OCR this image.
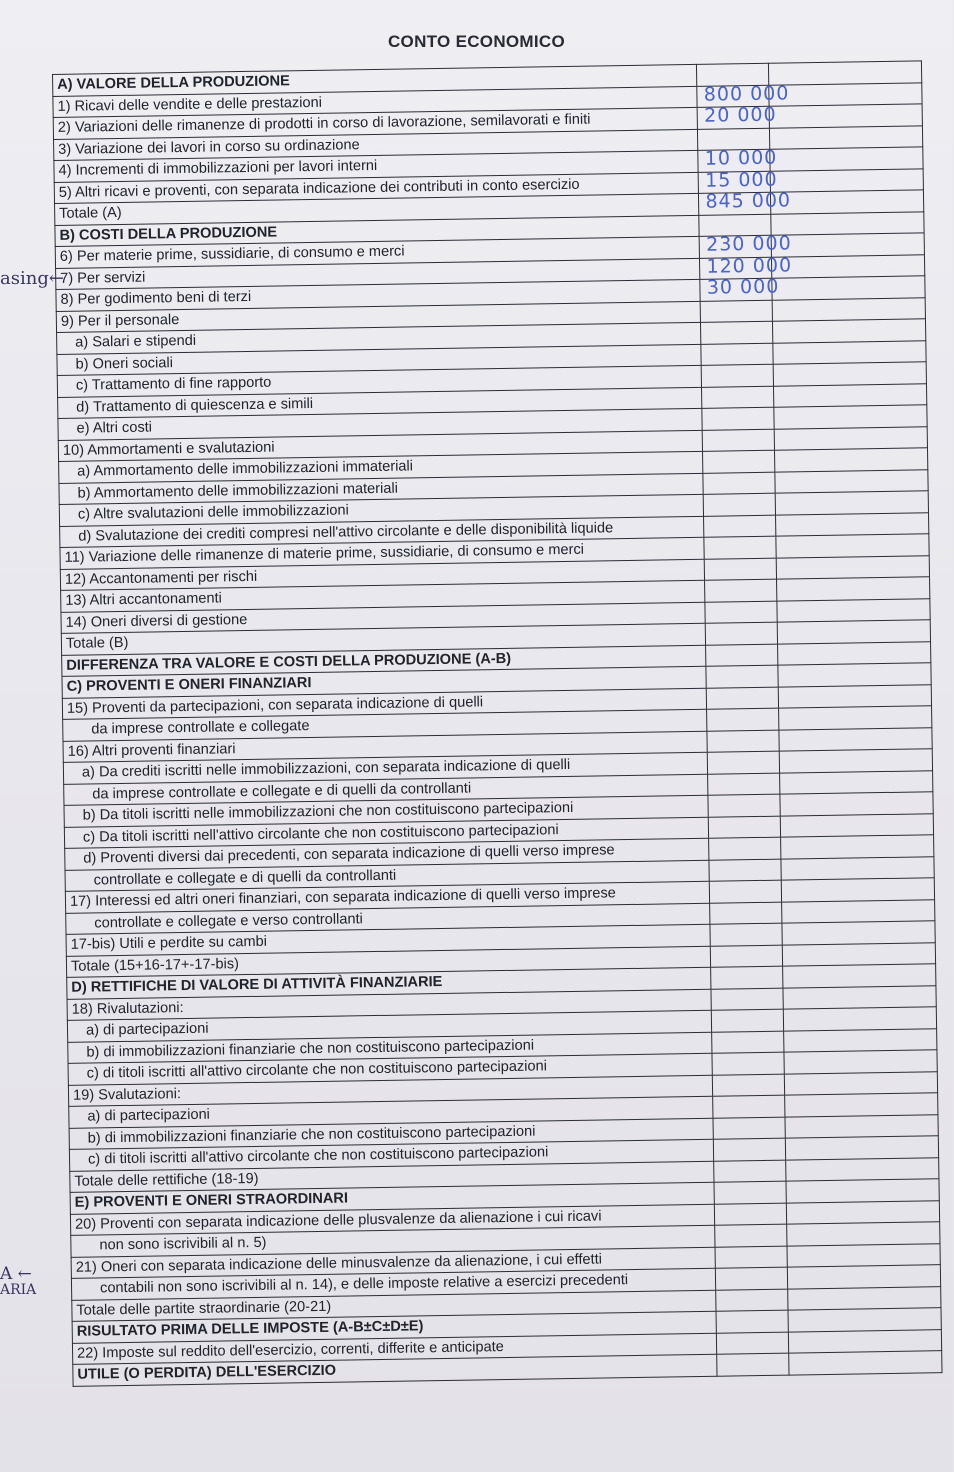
CONTO ECONOMICO
asing←
A ←
ARIA
A) VALORE DELLA PRODUZIONE	

1) Ricavi delle vendite e delle prestazioni	800 000	

2) Variazioni delle rimanenze di prodotti in corso di lavorazione, semilavorati e finiti	20 000	

3) Variazione dei lavori in corso su ordinazione	

4) Incrementi di immobilizzazioni per lavori interni	10 000	

5) Altri ricavi e proventi, con separata indicazione dei contributi in conto esercizio	15 000	

Totale (A)	845 000	

B) COSTI DELLA PRODUZIONE	

6) Per materie prime, sussidiarie, di consumo e merci	230 000	

7) Per servizi	120 000	

8) Per godimento beni di terzi	30 000	

9) Per il personale	

a) Salari e stipendi	

b) Oneri sociali	

c) Trattamento di fine rapporto	

d) Trattamento di quiescenza e simili	

e) Altri costi	

10) Ammortamenti e svalutazioni	

a) Ammortamento delle immobilizzazioni immateriali	

b) Ammortamento delle immobilizzazioni materiali	

c) Altre svalutazioni delle immobilizzazioni	

d) Svalutazione dei crediti compresi nell'attivo circolante e delle disponibilità liquide	

11) Variazione delle rimanenze di materie prime, sussidiarie, di consumo e merci	

12) Accantonamenti per rischi	

13) Altri accantonamenti	

14) Oneri diversi di gestione	

Totale (B)	

DIFFERENZA TRA VALORE E COSTI DELLA PRODUZIONE (A-B)	

C) PROVENTI E ONERI FINANZIARI	

15) Proventi da partecipazioni, con separata indicazione di quelli	

da imprese controllate e collegate	

16) Altri proventi finanziari	

a) Da crediti iscritti nelle immobilizzazioni, con separata indicazione di quelli	

da imprese controllate e collegate e di quelli da controllanti	

b) Da titoli iscritti nelle immobilizzazioni che non costituiscono partecipazioni	

c) Da titoli iscritti nell'attivo circolante che non costituiscono partecipazioni	

d) Proventi diversi dai precedenti, con separata indicazione di quelli verso imprese	

controllate e collegate e di quelli da controllanti	

17) Interessi ed altri oneri finanziari, con separata indicazione di quelli verso imprese	

controllate e collegate e verso controllanti	

17-bis) Utili e perdite su cambi	

Totale (15+16-17+-17-bis)	

D) RETTIFICHE DI VALORE DI ATTIVITÀ FINANZIARIE	

18) Rivalutazioni:	

a) di partecipazioni	

b) di immobilizzazioni finanziarie che non costituiscono partecipazioni	

c) di titoli iscritti all'attivo circolante che non costituiscono partecipazioni	

19) Svalutazioni:	

a) di partecipazioni	

b) di immobilizzazioni finanziarie che non costituiscono partecipazioni	

c) di titoli iscritti all'attivo circolante che non costituiscono partecipazioni	

Totale delle rettifiche (18-19)	

E) PROVENTI E ONERI STRAORDINARI	

20) Proventi con separata indicazione delle plusvalenze da alienazione i cui ricavi	

non sono iscrivibili al n. 5)	

21) Oneri con separata indicazione delle minusvalenze da alienazione, i cui effetti	

contabili non sono iscrivibili al n. 14), e delle imposte relative a esercizi precedenti	

Totale delle partite straordinarie (20-21)	

RISULTATO PRIMA DELLE IMPOSTE (A-B±C±D±E)	

22) Imposte sul reddito dell'esercizio, correnti, differite e anticipate	

UTILE (O PERDITA) DELL'ESERCIZIO	
